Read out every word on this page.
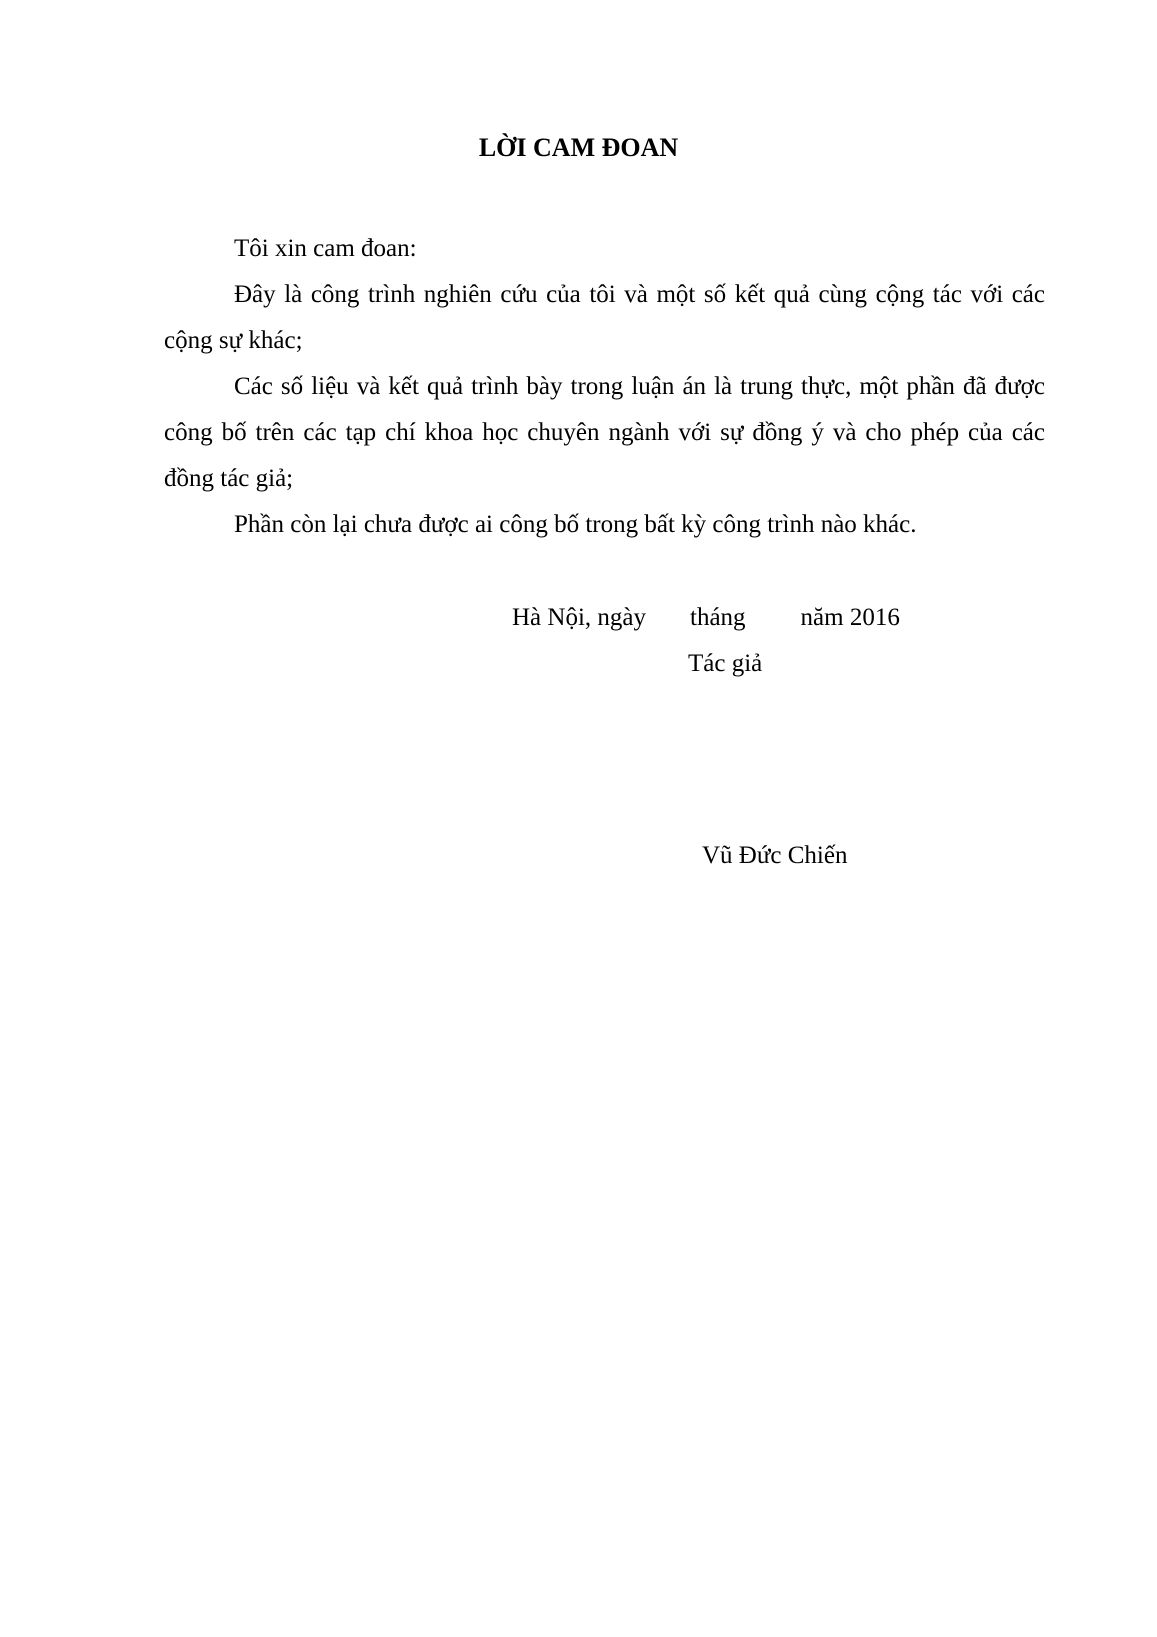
LỜI CAM ĐOAN

Tôi xin cam đoan:

Đây là công trình nghiên cứu của tôi và một số kết quả cùng cộng tác với các cộng sự khác;

Các số liệu và kết quả trình bày trong luận án là trung thực, một phần đã được công bố trên các tạp chí khoa học chuyên ngành với sự đồng ý và cho phép của các đồng tác giả;

Phần còn lại chưa được ai công bố trong bất kỳ công trình nào khác.

Hà Nội, ngày tháng năm 2016
Tác giả
Vũ Đức Chiến
